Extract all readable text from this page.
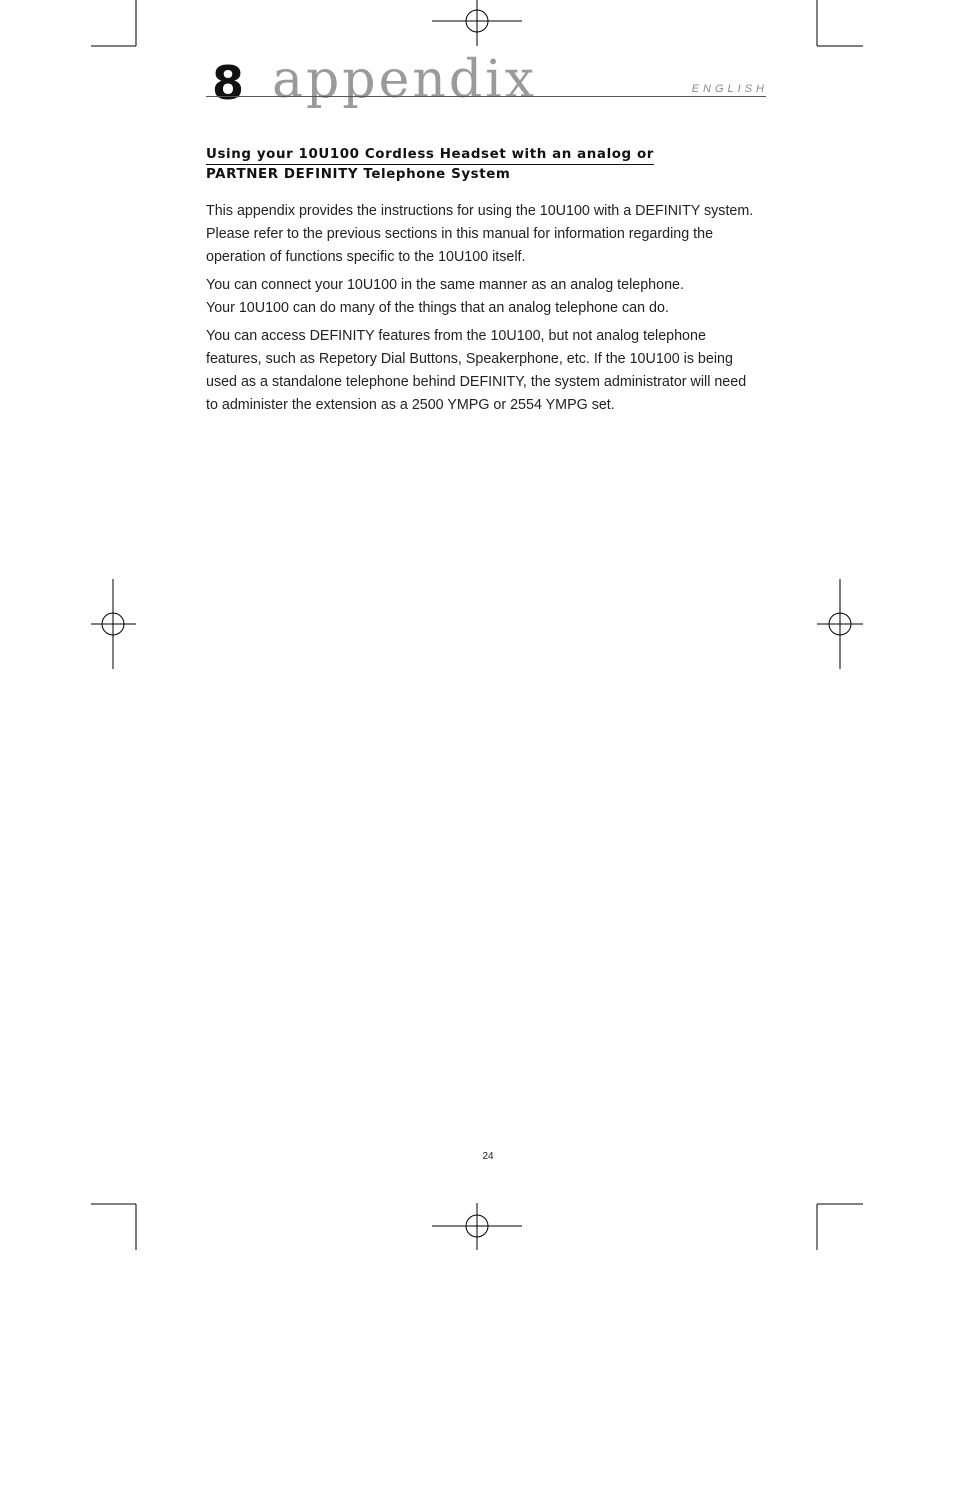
8 appendix	ENGLISH
Using your 10U100 Cordless Headset with an analog or
PARTNER DEFINITY Telephone System

This appendix provides the instructions for using the 10U100 with a DEFINITY system.
Please refer to the previous sections in this manual for information regarding the
operation of functions specific to the 10U100 itself.

You can connect your 10U100 in the same manner as an analog telephone.
Your 10U100 can do many of the things that an analog telephone can do.

You can access DEFINITY features from the 10U100, but not analog telephone
features, such as Repetory Dial Buttons, Speakerphone, etc. If the 10U100 is being
used as a standalone telephone behind DEFINITY, the system administrator will need
to administer the extension as a 2500 YMPG or 2554 YMPG set.

24
